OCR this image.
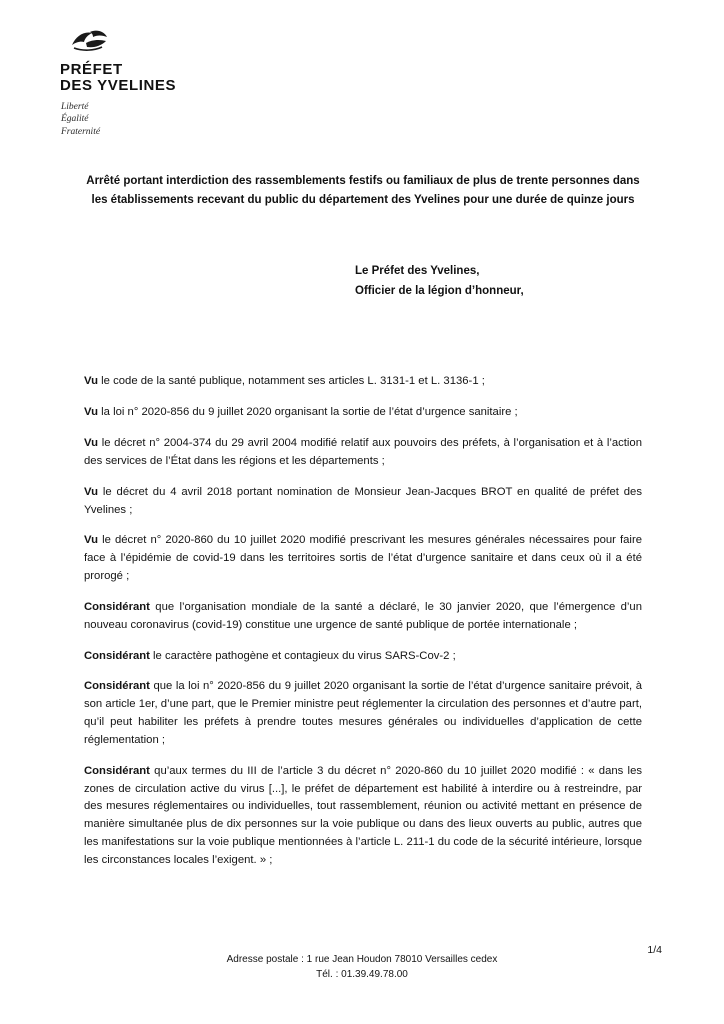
PRÉFET
DES YVELINES
Liberté
Égalité
Fraternité
Arrêté portant interdiction des rassemblements festifs ou familiaux de plus de trente personnes dans les établissements recevant du public du département des Yvelines pour une durée de quinze jours
Le Préfet des Yvelines,
Officier de la légion d’honneur,

Vu le code de la santé publique, notamment ses articles L. 3131-1 et L. 3136-1 ;

Vu la loi n° 2020-856 du 9 juillet 2020 organisant la sortie de l’état d’urgence sanitaire ;

Vu le décret n° 2004-374 du 29 avril 2004 modifié relatif aux pouvoirs des préfets, à l’organisation et à l’action des services de l’État dans les régions et les départements ;

Vu le décret du 4 avril 2018 portant nomination de Monsieur Jean-Jacques BROT en qualité de préfet des Yvelines ;

Vu le décret n° 2020-860 du 10 juillet 2020 modifié prescrivant les mesures générales nécessaires pour faire face à l’épidémie de covid-19 dans les territoires sortis de l’état d’urgence sanitaire et dans ceux où il a été prorogé ;

Considérant que l’organisation mondiale de la santé a déclaré, le 30 janvier 2020, que l’émergence d’un nouveau coronavirus (covid-19) constitue une urgence de santé publique de portée internationale ;

Considérant le caractère pathogène et contagieux du virus SARS-Cov-2 ;

Considérant que la loi n° 2020-856 du 9 juillet 2020 organisant la sortie de l’état d’urgence sanitaire prévoit, à son article 1er, d’une part, que le Premier ministre peut réglementer la circulation des personnes et d’autre part, qu’il peut habiliter les préfets à prendre toutes mesures générales ou individuelles d’application de cette réglementation ;

Considérant qu’aux termes du III de l’article 3 du décret n° 2020-860 du 10 juillet 2020 modifié : « dans les zones de circulation active du virus [...], le préfet de département est habilité à interdire ou à restreindre, par des mesures réglementaires ou individuelles, tout rassemblement, réunion ou activité mettant en présence de manière simultanée plus de dix personnes sur la voie publique ou dans des lieux ouverts au public, autres que les manifestations sur la voie publique mentionnées à l’article L. 211-1 du code de la sécurité intérieure, lorsque les circonstances locales l’exigent. » ;

Adresse postale : 1 rue Jean Houdon 78010 Versailles cedex
Tél. : 01.39.49.78.00
1/4
